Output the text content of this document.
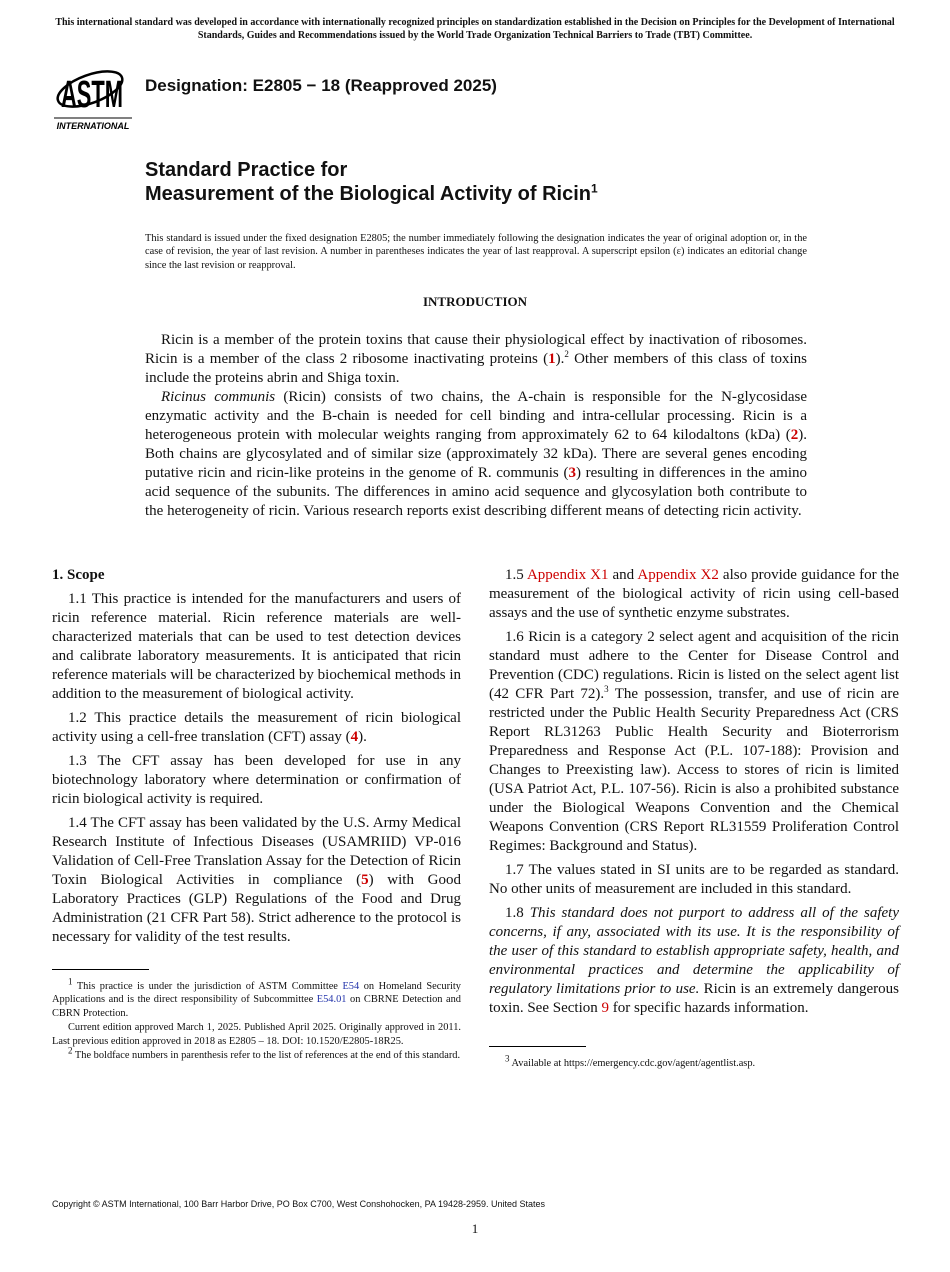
This international standard was developed in accordance with internationally recognized principles on standardization established in the Decision on Principles for the Development of International Standards, Guides and Recommendations issued by the World Trade Organization Technical Barriers to Trade (TBT) Committee.
ASTM
INTERNATIONAL
Designation: E2805 − 18 (Reapproved 2025)
Standard Practice for
Measurement of the Biological Activity of Ricin$^1$
This standard is issued under the fixed designation E2805; the number immediately following the designation indicates the year of original adoption or, in the case of revision, the year of last revision. A number in parentheses indicates the year of last reapproval. A superscript epsilon (ε) indicates an editorial change since the last revision or reapproval.
INTRODUCTION

Ricin is a member of the protein toxins that cause their physiological effect by inactivation of ribosomes. Ricin is a member of the class 2 ribosome inactivating proteins (1).$^2$ Other members of this class of toxins include the proteins abrin and Shiga toxin.

Ricinus communis (Ricin) consists of two chains, the A-chain is responsible for the N-glycosidase enzymatic activity and the B-chain is needed for cell binding and intra-cellular processing. Ricin is a heterogeneous protein with molecular weights ranging from approximately 62 to 64 kilodaltons (kDa) (2). Both chains are glycosylated and of similar size (approximately 32 kDa). There are several genes encoding putative ricin and ricin-like proteins in the genome of R. communis (3) resulting in differences in the amino acid sequence of the subunits. The differences in amino acid sequence and glycosylation both contribute to the heterogeneity of ricin. Various research reports exist describing different means of detecting ricin activity.

1. Scope

1.1 This practice is intended for the manufacturers and users of ricin reference material. Ricin reference materials are well-characterized materials that can be used to test detection devices and calibrate laboratory measurements. It is anticipated that ricin reference materials will be characterized by biochemical methods in addition to the measurement of biological activity.

1.2 This practice details the measurement of ricin biological activity using a cell-free translation (CFT) assay (4).

1.3 The CFT assay has been developed for use in any biotechnology laboratory where determination or confirmation of ricin biological activity is required.

1.4 The CFT assay has been validated by the U.S. Army Medical Research Institute of Infectious Diseases (USAMRIID) VP-016 Validation of Cell-Free Translation Assay for the Detection of Ricin Toxin Biological Activities in compliance (5) with Good Laboratory Practices (GLP) Regulations of the Food and Drug Administration (21 CFR Part 58). Strict adherence to the protocol is necessary for validity of the test results.

$^1$ This practice is under the jurisdiction of ASTM Committee E54 on Homeland Security Applications and is the direct responsibility of Subcommittee E54.01 on CBRNE Detection and CBRN Protection.

Current edition approved March 1, 2025. Published April 2025. Originally approved in 2011. Last previous edition approved in 2018 as E2805 – 18. DOI: 10.1520/E2805-18R25.

$^2$ The boldface numbers in parenthesis refer to the list of references at the end of this standard.

1.5 Appendix X1 and Appendix X2 also provide guidance for the measurement of the biological activity of ricin using cell-based assays and the use of synthetic enzyme substrates.

1.6 Ricin is a category 2 select agent and acquisition of the ricin standard must adhere to the Center for Disease Control and Prevention (CDC) regulations. Ricin is listed on the select agent list (42 CFR Part 72).$^3$ The possession, transfer, and use of ricin are restricted under the Public Health Security Preparedness Act (CRS Report RL31263 Public Health Security and Bioterrorism Preparedness and Response Act (P.L. 107-188): Provision and Changes to Preexisting law). Access to stores of ricin is limited (USA Patriot Act, P.L. 107-56). Ricin is also a prohibited substance under the Biological Weapons Convention and the Chemical Weapons Convention (CRS Report RL31559 Proliferation Control Regimes: Background and Status).

1.7 The values stated in SI units are to be regarded as standard. No other units of measurement are included in this standard.

1.8 This standard does not purport to address all of the safety concerns, if any, associated with its use. It is the responsibility of the user of this standard to establish appropriate safety, health, and environmental practices and determine the applicability of regulatory limitations prior to use. Ricin is an extremely dangerous toxin. See Section 9 for specific hazards information.

$^3$ Available at https://emergency.cdc.gov/agent/agentlist.asp.

Copyright © ASTM International, 100 Barr Harbor Drive, PO Box C700, West Conshohocken, PA 19428-2959. United States
1
